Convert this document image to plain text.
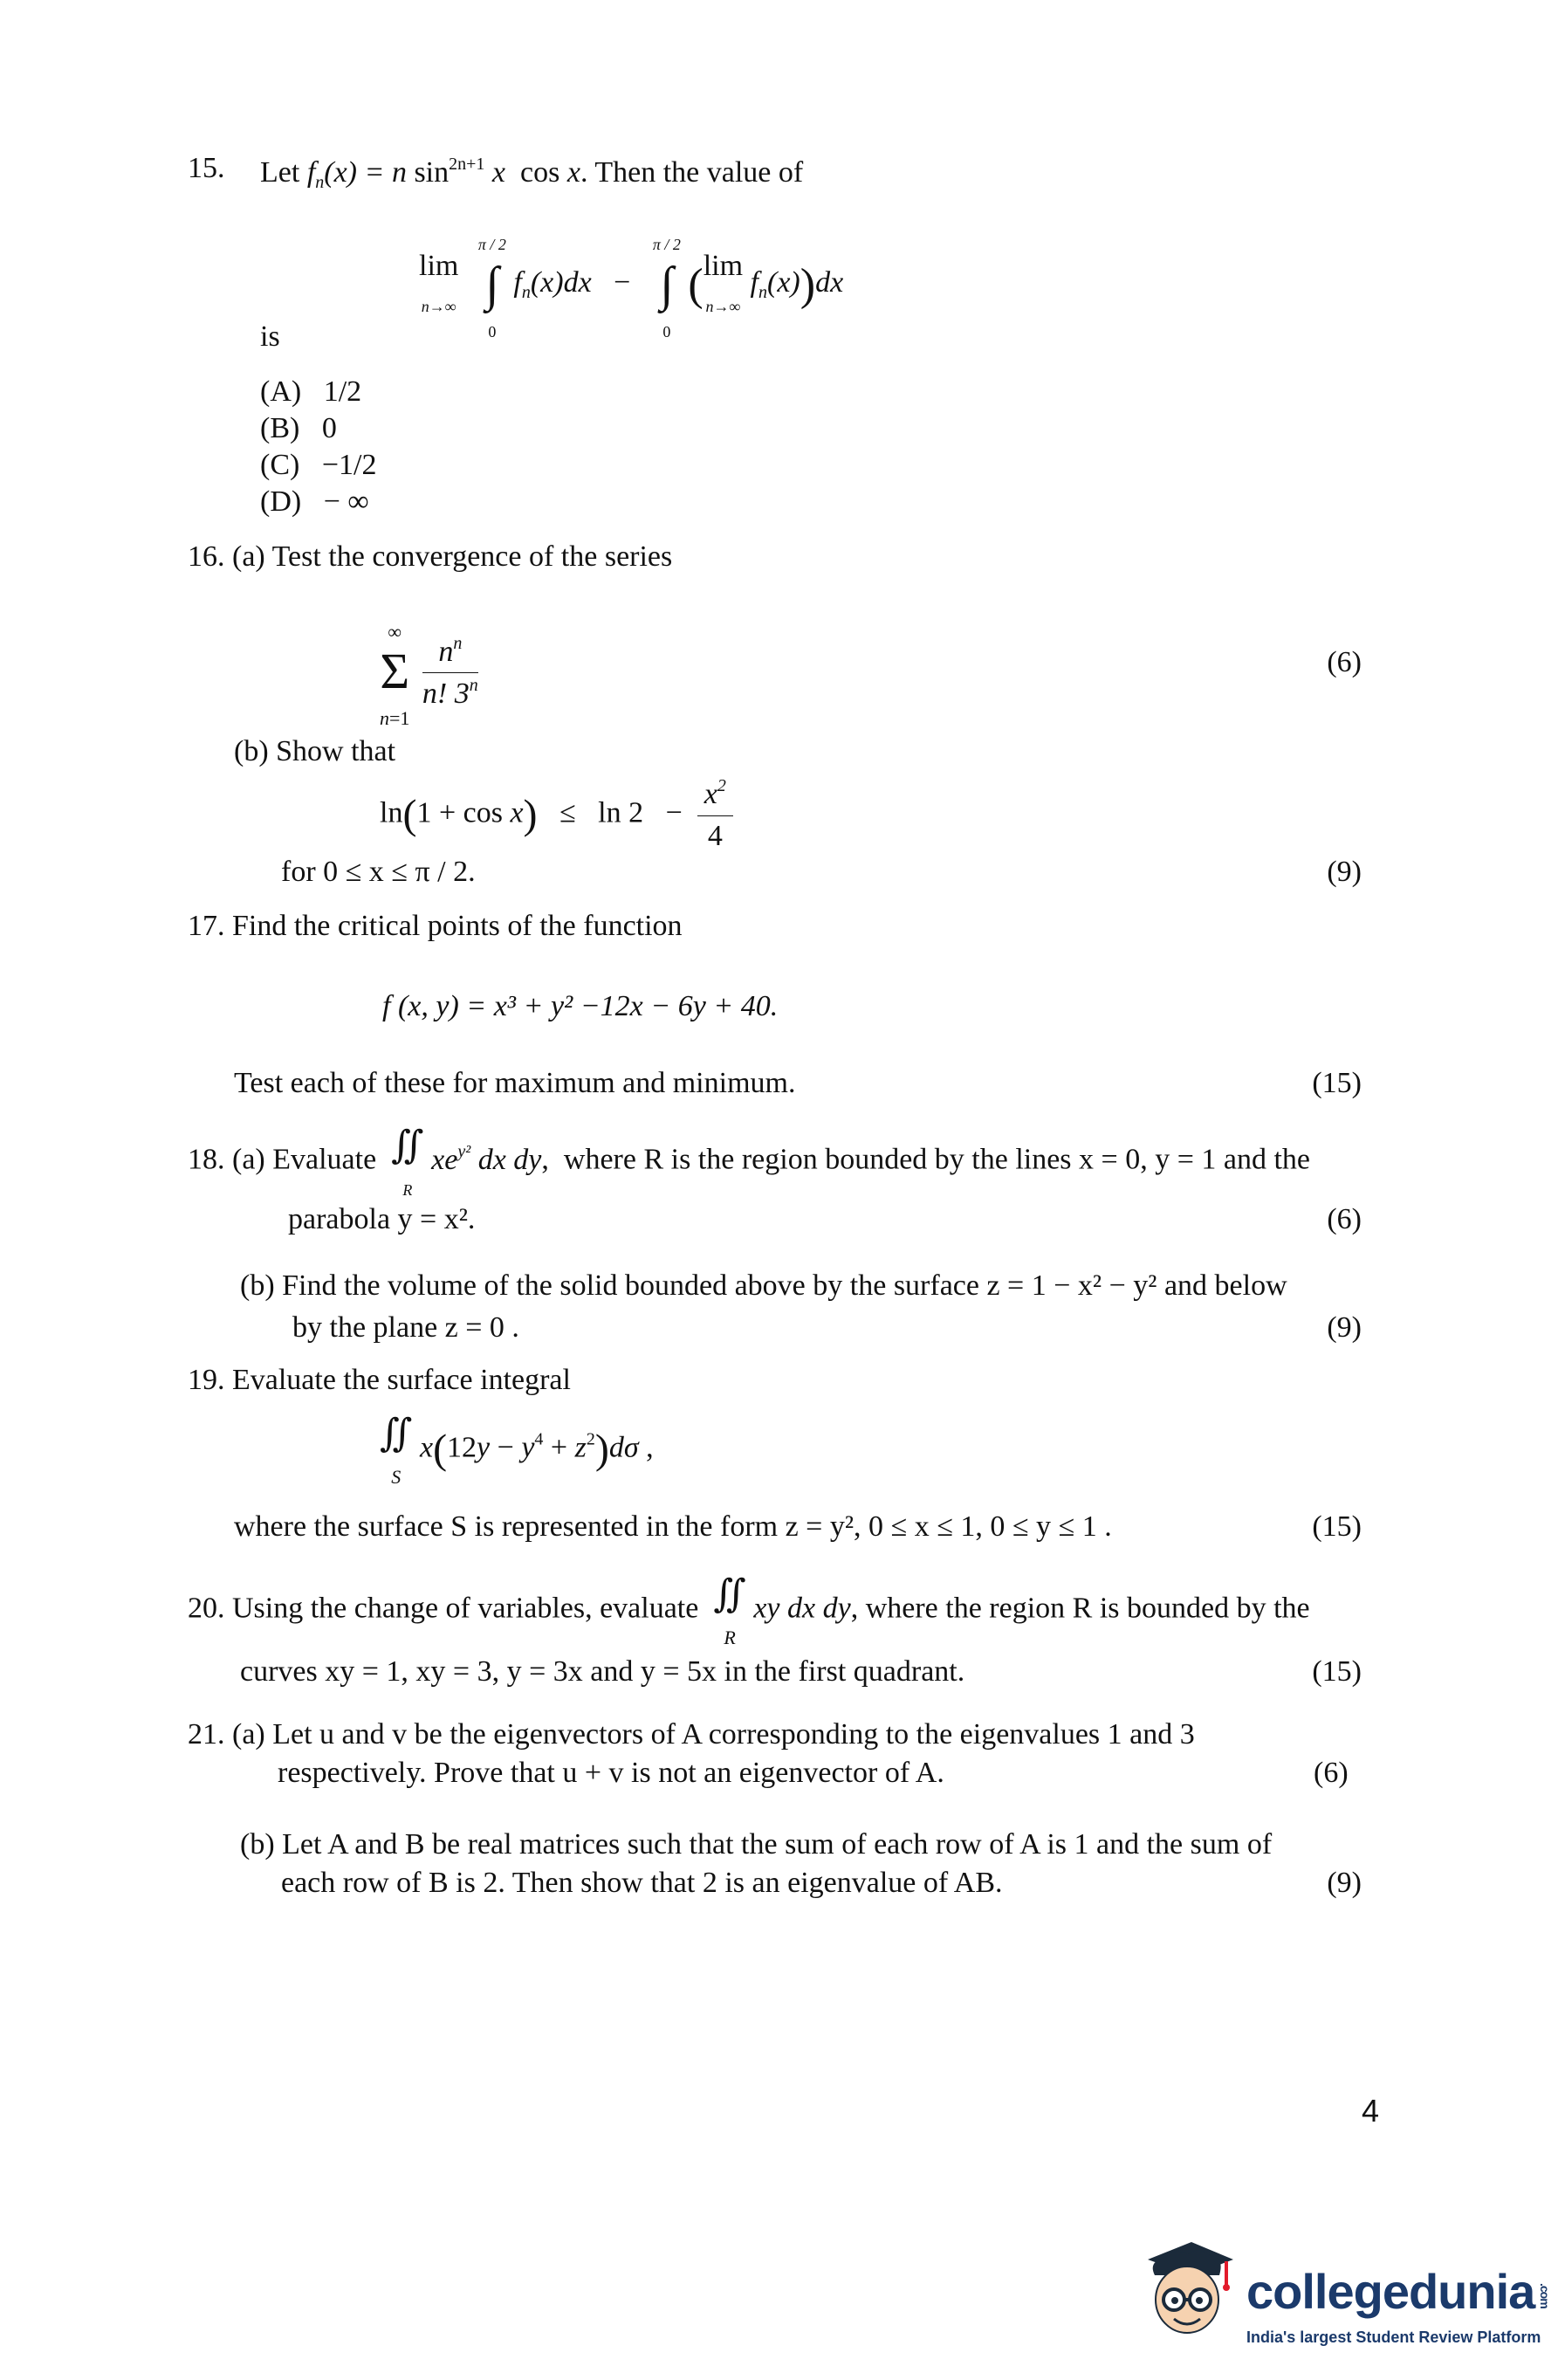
15. Let $f_n(x) = n$ $\sin^{2n+1} x$  cos x. Then the value of
lim
n→∞ π / 2
∫
0 $f_n(x)dx - \pi / 2$
∫
0 (lim
n→∞ $f_n(x))dx$
is
(A) 1/2
(B) 0
(C) −1/2
(D) − ∞
16. (a) Test the convergence of the series
∞
Σ
n=1
$\frac{n^n}{n! 3^n}$	(6)
(b) Show that
$\ln(1 + \cos x) \le \ln 2 - \frac{x^2}{4}$
for 0 ≤ x ≤ π / 2.	(9)
17. Find the critical points of the function
f (x, y) = x³ + y² −12x − 6y + 40.
Test each of these for maximum and minimum.	(15)
18. (a) Evaluate ∬
R $xe^{y^2}$ dx dy,  where R is the region bounded by the lines x = 0, y = 1 and the
parabola y = x².	(6)
(b) Find the volume of the solid bounded above by the surface z = 1 − x² − y² and below
by the plane z = 0 .	(9)
19. Evaluate the surface integral
∬
S $x(12y - y^4 + z^2)d\sigma$ ,
where the surface S is represented in the form z = y², 0 ≤ x ≤ 1, 0 ≤ y ≤ 1 .	(15)
20. Using the change of variables, evaluate ∬
R xy dx dy, where the region R is bounded by the
curves xy = 1, xy = 3, y = 3x and y = 5x in the first quadrant.	(15)
21. (a) Let u and v be the eigenvectors of A corresponding to the eigenvalues 1 and 3
respectively. Prove that u + v is not an eigenvector of A.	(6)
(b) Let A and B be real matrices such that the sum of each row of A is 1 and the sum of
each row of B is 2. Then show that 2 is an eigenvalue of AB.	(9)
4
collegedunia .com
India's largest Student Review Platform
